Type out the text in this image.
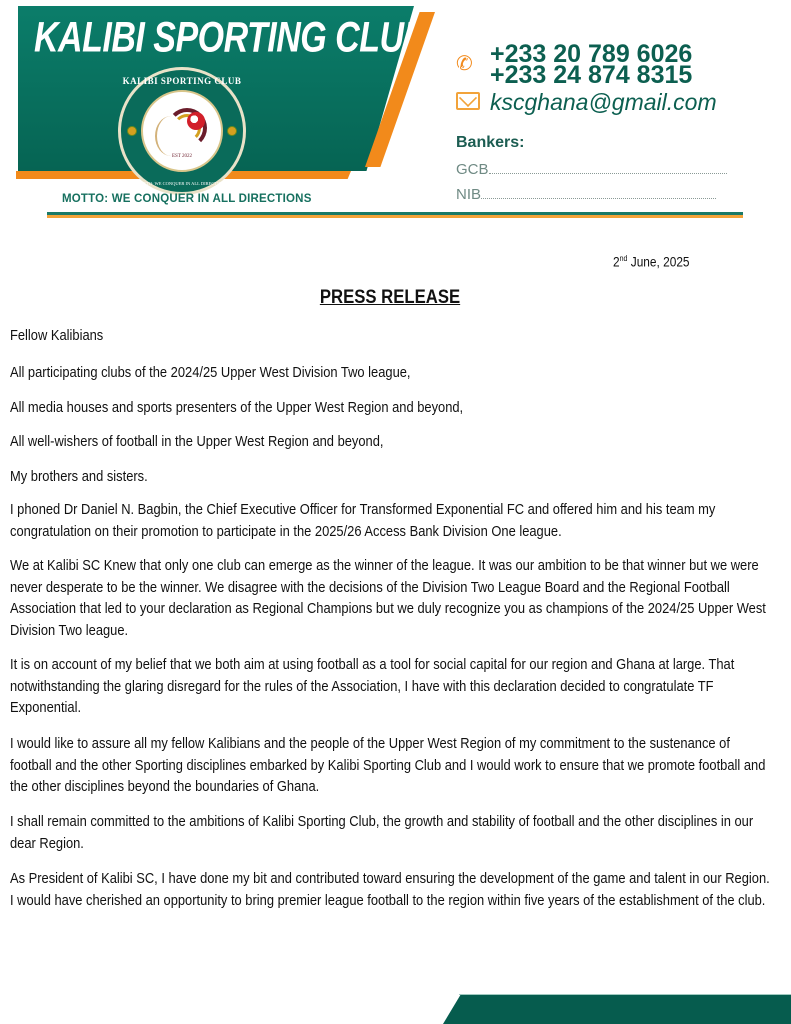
KALIBI SPORTING CLUB
KALIBI SPORTING CLUB
EST 2022
MOTTO: WE CONQUER IN ALL DIRECTIONS
MOTTO: WE CONQUER IN ALL DIRECTIONS
✆ +233 20 789 6026
+233 24 874 8315
kscghana@gmail.com
Bankers:
GCB
NIB
2nd June, 2025
PRESS RELEASE
Fellow Kalibians
All participating clubs of the 2024/25 Upper West Division Two league,
All media houses and sports presenters of the Upper West Region and beyond,
All well-wishers of football in the Upper West Region and beyond,
My brothers and sisters.
I phoned Dr Daniel N. Bagbin, the Chief Executive Officer for Transformed Exponential FC and offered him and his team my congratulation on their promotion to participate in the 2025/26 Access Bank Division One league.
We at Kalibi SC Knew that only one club can emerge as the winner of the league. It was our ambition to be that winner but we were never desperate to be the winner. We disagree with the decisions of the Division Two League Board and the Regional Football Association that led to your declaration as Regional Champions but we duly recognize you as champions of the 2024/25 Upper West Division Two league.
It is on account of my belief that we both aim at using football as a tool for social capital for our region and Ghana at large. That notwithstanding the glaring disregard for the rules of the Association, I have with this declaration decided to congratulate TF Exponential.
I would like to assure all my fellow Kalibians and the people of the Upper West Region of my commitment to the sustenance of football and the other Sporting disciplines embarked by Kalibi Sporting Club and I would work to ensure that we promote football and the other disciplines beyond the boundaries of Ghana.
I shall remain committed to the ambitions of Kalibi Sporting Club, the growth and stability of football and the other disciplines in our dear Region.
As President of Kalibi SC, I have done my bit and contributed toward ensuring the development of the game and talent in our Region. I would have cherished an opportunity to bring premier league football to the region within five years of the establishment of the club.
